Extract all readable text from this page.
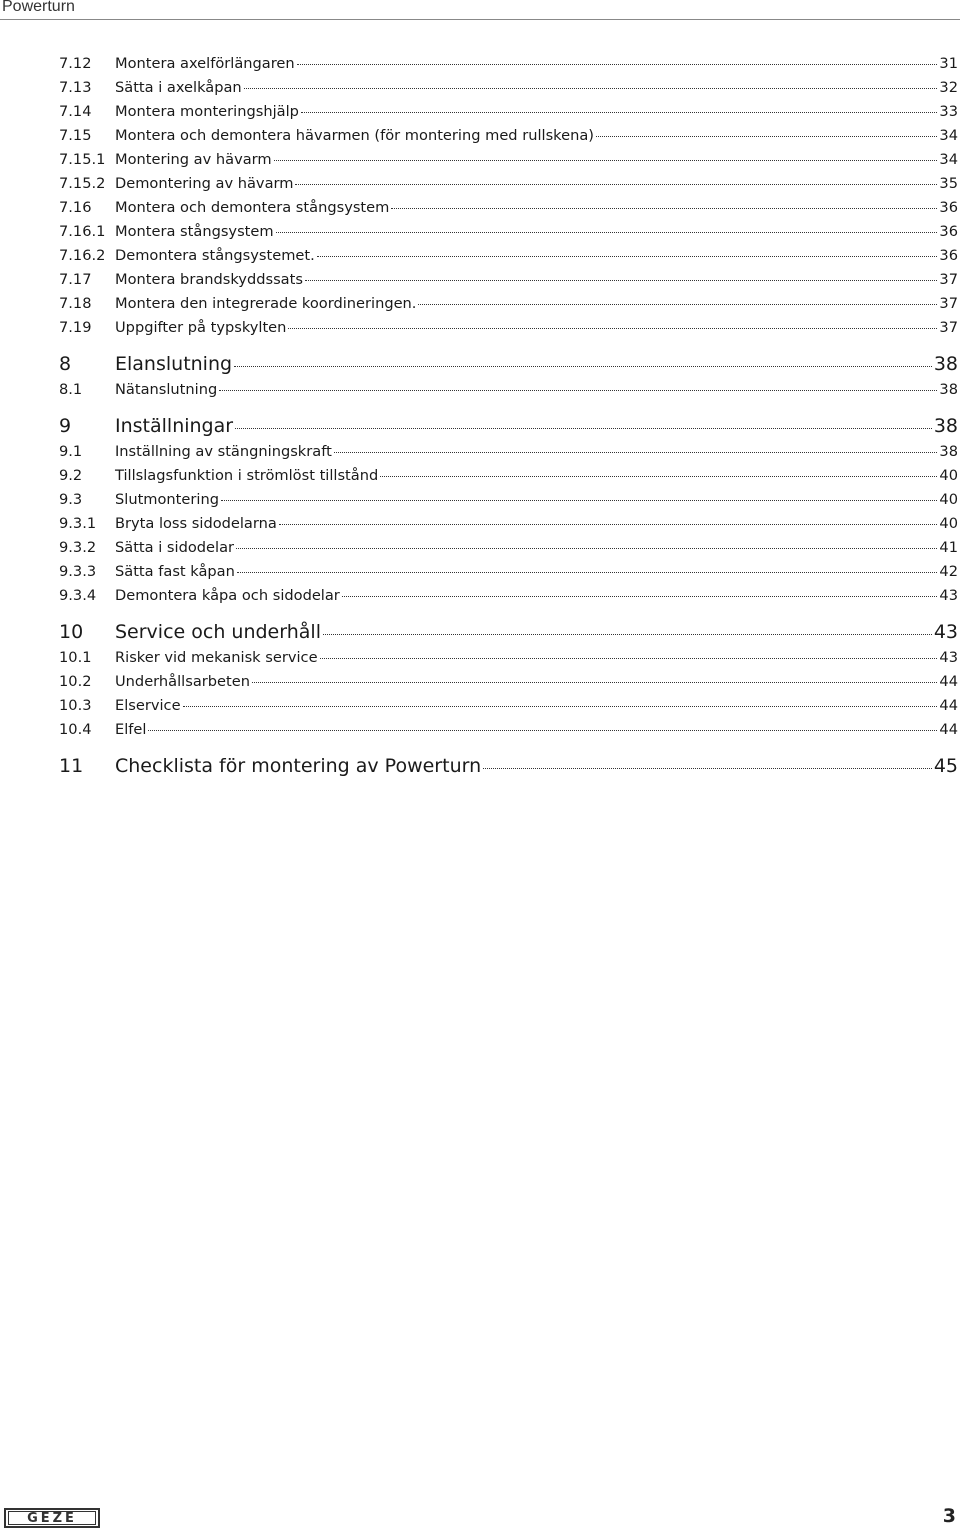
Powerturn
7.12	Montera axelförlängaren	31
7.13	Sätta i axelkåpan	32
7.14	Montera monteringshjälp	33
7.15	Montera och demontera hävarmen (för montering med rullskena)	34
7.15.1 Montering av hävarm	34
7.15.2 Demontering av hävarm	35
7.16	Montera och demontera stångsystem	36
7.16.1 Montera stångsystem	36
7.16.2 Demontera stångsystemet.	36
7.17	Montera brandskyddssats	37
7.18	Montera den integrerade koordineringen.	37
7.19	Uppgifter på typskylten	37
8	Elanslutning	38
8.1	Nätanslutning	38
9	Inställningar	38
9.1	Inställning av stängningskraft	38
9.2	Tillslagsfunktion i strömlöst tillstånd	40
9.3	Slutmontering	40
9.3.1	Bryta loss sidodelarna	40
9.3.2	Sätta i sidodelar	41
9.3.3	Sätta fast kåpan	42
9.3.4	Demontera kåpa och sidodelar	43
10	Service och underhåll	43
10.1	Risker vid mekanisk service	43
10.2	Underhållsarbeten	44
10.3	Elservice	44
10.4	Elfel	44
11	Checklista för montering av Powerturn	45
GEZE	3
